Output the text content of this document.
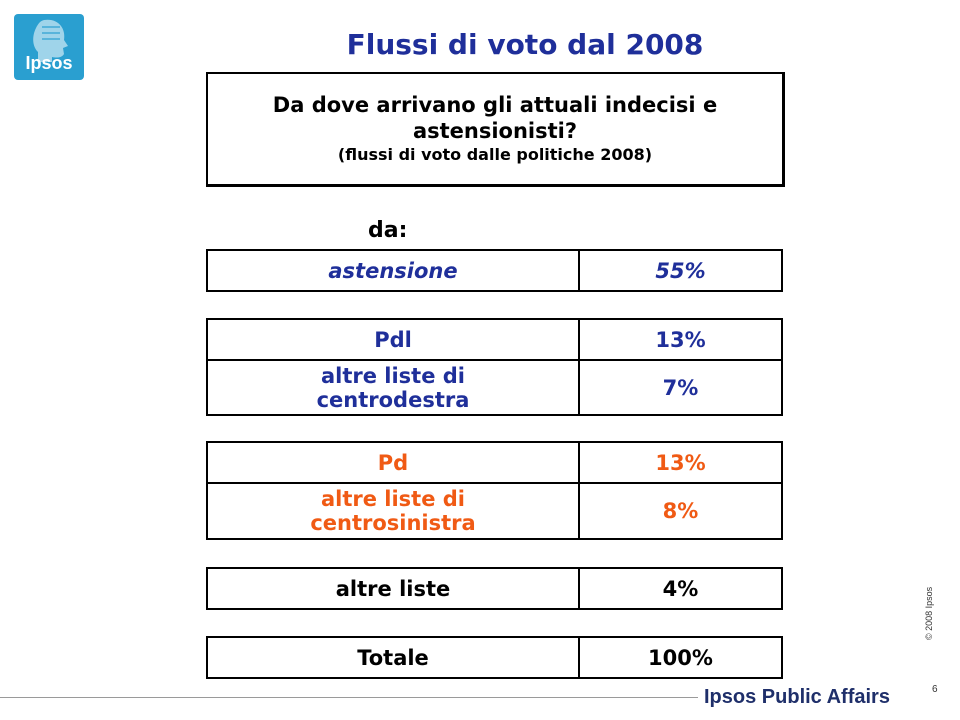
Ipsos
Flussi di voto dal 2008
Da dove arrivano gli attuali indecisi e
astensionisti?
(flussi di voto dalle politiche 2008)
da:
astensione	55%
Pdl	13%

altre liste di
centrodestra	7%
Pd	13%

altre liste di
centrosinistra	8%
altre liste	4%
Totale	100%
© 2008 Ipsos
6
Ipsos Public Affairs
